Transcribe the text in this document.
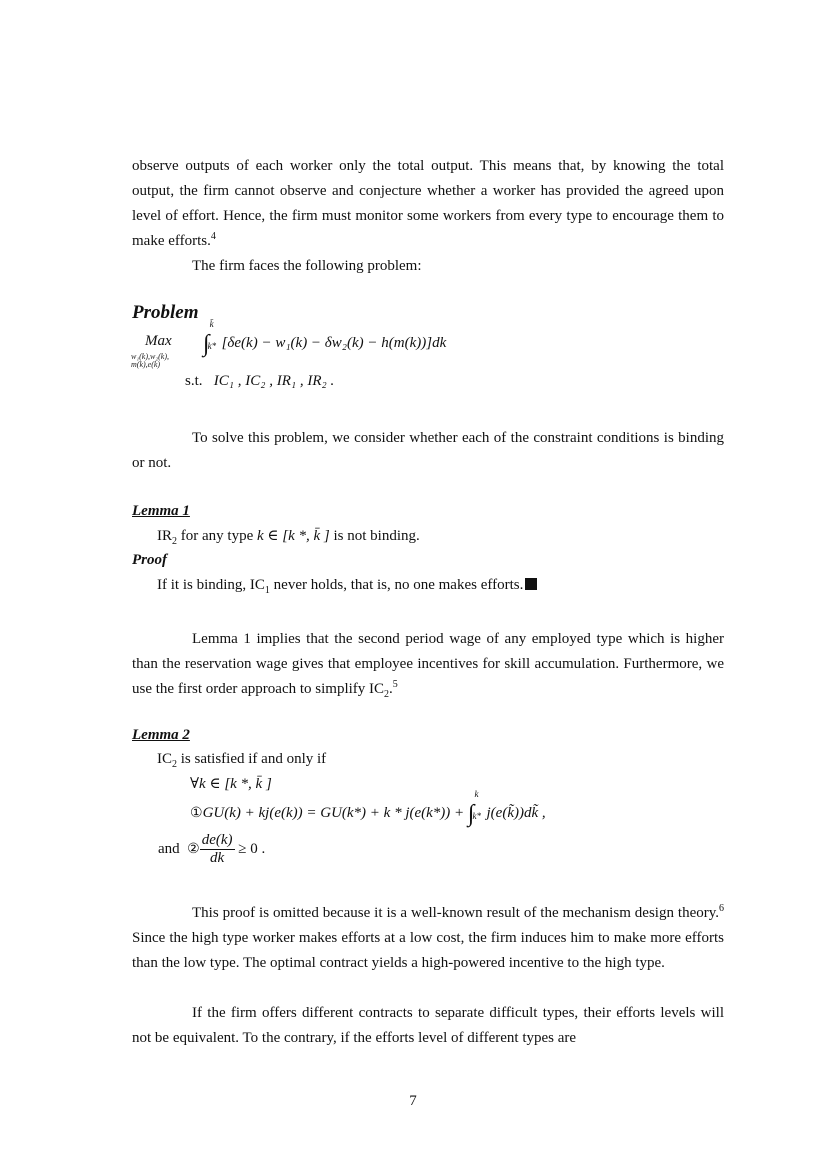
observe outputs of each worker only the total output. This means that, by knowing the total output, the firm cannot observe and conjecture whether a worker has provided the agreed upon level of effort. Hence, the firm must monitor some workers from every type to encourage them to make efforts.$^4$

The firm faces the following problem:

Problem

Max
w₁(k),w₂(k),
m(k),e(k)
∫
k̄
k* [δe(k) − w₁(k) − δw₂(k) − h(m(k))]dk
s.t. IC₁ , IC₂ , IR₁ , IR₂ .

To solve this problem, we consider whether each of the constraint conditions is binding or not.

Lemma 1

$IR_2$ for any type k ∈ [k *, k̄ ] is not binding.

Proof

If it is binding, $IC_1$ never holds, that is, no one makes efforts.

Lemma 1 implies that the second period wage of any employed type which is higher than the reservation wage gives that employee incentives for skill accumulation. Furthermore, we use the first order approach to simplify $IC_2.^5$

Lemma 2

$IC_2$ is satisfied if and only if

∀k ∈ [k *, k̄ ]

①GU(k) + kj(e(k)) = GU(k*) + k * j(e(k*)) + ∫
k
k* j(e(k̃))dk̃ ,
and ② $\frac{de(k)}{dk} \ge 0$ .

This proof is omitted because it is a well-known result of the mechanism design theory.$^6$ Since the high type worker makes efforts at a low cost, the firm induces him to make more efforts than the low type. The optimal contract yields a high-powered incentive to the high type.

If the firm offers different contracts to separate difficult types, their efforts levels will not be equivalent. To the contrary, if the efforts level of different types are

7
